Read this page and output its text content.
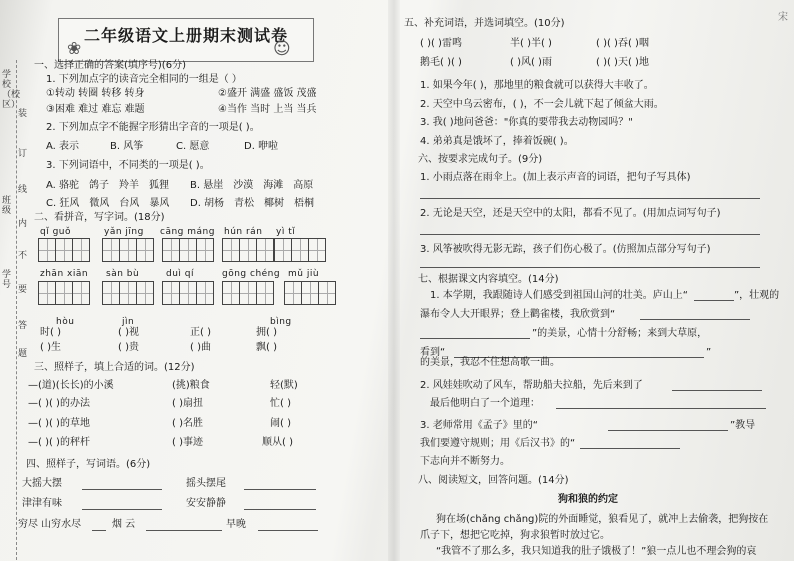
宋
学校（校区）
装
订
线
班级
内
不
要
答
题
学号
二年级语文上册期末测试卷
❀	☺
一、选择正确的答案(填序号)(6分)
1. 下列加点字的读音完全相同的一组是（ ）
①转动 转圈 转移 转身	②盛开 满盛 盛饭 茂盛
③困难 难过 难忘 难题	④当作 当时 上当 当兵
2. 下列加点字不能握字形猜出字音的一项是( )。
A. 表示	B. 风筝	C. 愿意	D. 咿啦
3. 下列词语中，不同类的一项是( )。
A. 骆驼　鸽子　羚羊　狐狸 B. 悬崖　沙漠　海滩　高原
C. 狂风　微风　台风　暴风 D. 胡杨　青松　椰树　梧桐
二、看拼音，写字词。(18分)
qǐ guǒ	yǎn jīng cāng máng hún rán yì tǐ
zhān xiān sàn bù	duì qí	gōng chéng mǔ jiù
hòu	jìn	bìng
时( )	( )视	正( )	拥( )
( )生	( )贵	( )曲	飘( )
三、照样子，填上合适的词。(12分)
—(道)(长长)的小溪	(挑)粮食	轻(默)
—( )( )的办法	( )扇扭	忙( )
—( )( )的草地	( )名胜	闹( )
—( )( )的秤杆	( )事迹	顺从( )
四、照样子，写词语。(6分)
大摇大摆	摇头摆尾
津津有味	安安静静
穷尽 山穷水尽	烟 云	早晚
五、补充词语，并选词填空。(10分)
( )( )雷鸣	半( )半( )	( )( )吞( )咽
鹅毛( )( )	( )风( )雨	( )( )天( )地
1. 如果今年( )，那地里的粮食就可以获得大丰收了。
2. 天空中乌云密布，( )，不一会儿就下起了倾盆大雨。
3. 我( )地问爸爸："你真的要带我去动物园吗？"
4. 弟弟真是饿坏了，捧着饭碗( )。
六、按要求完成句子。(9分)
1. 小雨点落在雨伞上。(加上表示声音的词语，把句子写具体)
2. 无论是天空，还是天空中的太阳，都看不见了。(用加点词写句子)
3. 风筝被吹得无影无踪，孩子们伤心极了。(仿照加点部分写句子)
七、根据课文内容填空。(14分)
1. 本学期，我跟随诗人们感受到祖国山河的壮美。庐山上“	”，壮观的
瀑布令人大开眼界；登上鹳雀楼，我欣赏到“
”的美景，心情十分舒畅；来到大草原，
看到“	”
的美景，我忍不住想高歌一曲。
2. 风娃娃吹动了风车，帮助船夫拉船，先后来到了
最后他明白了一个道理：
3. 老师常用《孟子》里的“	”教导
我们要遵守规则；用《后汉书》的“
下志向并不断努力。
八、阅读短文，回答问题。(14分)
狗和狼的约定
狗在场(chǎng chǎng)院的外面睡觉，狼看见了，就冲上去偷袭，把狗按在
爪子下，想把它吃掉，狗求狼暂时放过它。
“我管不了那么多，我只知道我的肚子饿极了！”狼一点儿也不理会狗的哀
